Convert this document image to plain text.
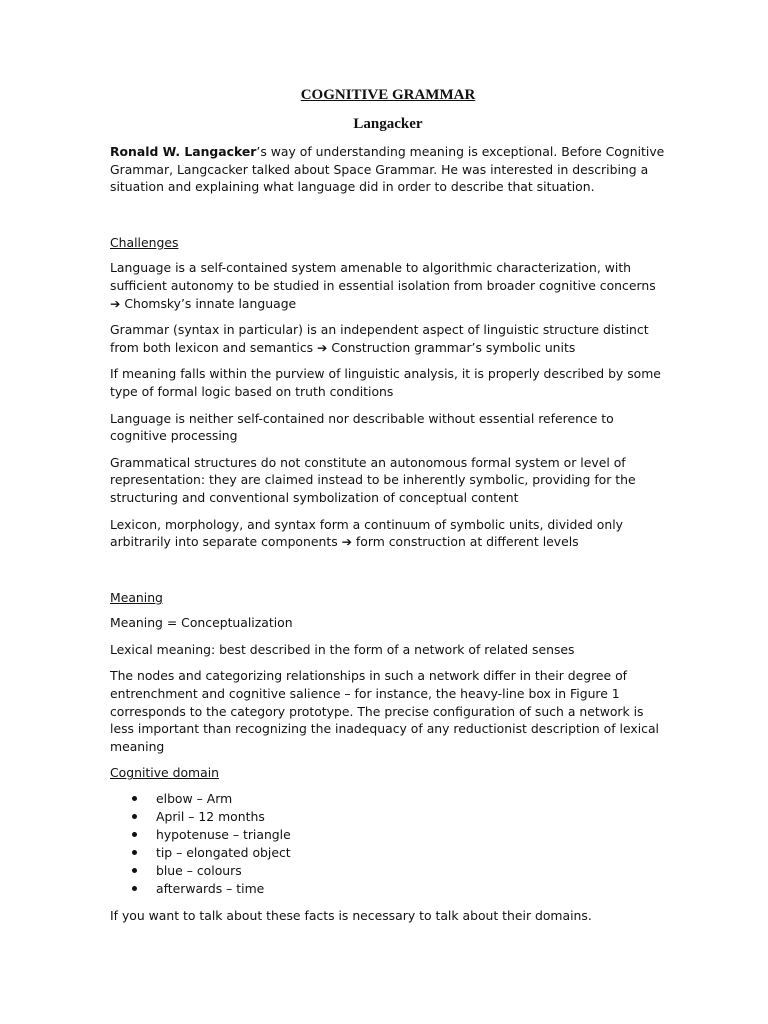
COGNITIVE GRAMMAR
Langacker

Ronald W. Langacker’s way of understanding meaning is exceptional. Before Cognitive Grammar, Langcacker talked about Space Grammar. He was interested in describing a situation and explaining what language did in order to describe that situation.

Challenges

Language is a self-contained system amenable to algorithmic characterization, with sufficient autonomy to be studied in essential isolation from broader cognitive concerns ➔ Chomsky’s innate language

Grammar (syntax in particular) is an independent aspect of linguistic structure distinct from both lexicon and semantics ➔ Construction grammar’s symbolic units

If meaning falls within the purview of linguistic analysis, it is properly described by some type of formal logic based on truth conditions

Language is neither self-contained nor describable without essential reference to cognitive processing

Grammatical structures do not constitute an autonomous formal system or level of representation: they are claimed instead to be inherently symbolic, providing for the structuring and conventional symbolization of conceptual content

Lexicon, morphology, and syntax form a continuum of symbolic units, divided only arbitrarily into separate components ➔ form construction at different levels

Meaning

Meaning = Conceptualization

Lexical meaning: best described in the form of a network of related senses

The nodes and categorizing relationships in such a network differ in their degree of entrenchment and cognitive salience – for instance, the heavy-line box in Figure 1 corresponds to the category prototype. The precise configuration of such a network is less important than recognizing the inadequacy of any reductionist description of lexical meaning

Cognitive domain

elbow – Arm
April – 12 months
hypotenuse – triangle
tip – elongated object
blue – colours
afterwards – time

If you want to talk about these facts is necessary to talk about their domains.
